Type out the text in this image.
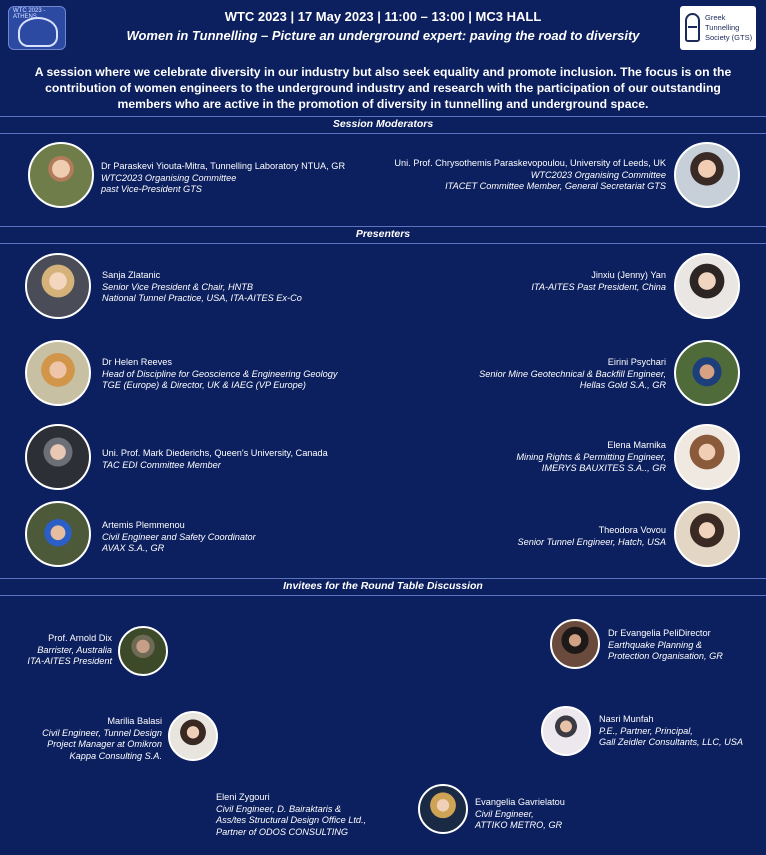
WTC 2023 - ATHENS	WTC 2023 | 17 May 2023 | 11:00 – 13:00 | MC3 HALL
Women in Tunnelling – Picture an underground expert: paving the road to diversity
Greek
Tunnelling
Society (GTS)
A session where we celebrate diversity in our industry but also seek equality and promote inclusion. The focus is on the contribution of women engineers to the underground industry and research with the participation of our outstanding members who are active in the promotion of diversity in tunnelling and underground space.
Session Moderators
Dr Paraskevi Yiouta-Mitra, Tunnelling Laboratory NTUA, GR
WTC2023 Organising Committee
past Vice-President GTS
Uni. Prof. Chrysothemis Paraskevopoulou, University of Leeds, UK
WTC2023 Organising Committee
ITACET Committee Member, General Secretariat GTS
Presenters
Sanja Zlatanic
Senior Vice President & Chair, HNTB
National Tunnel Practice, USA, ITA-AITES Ex-Co
Jinxiu (Jenny) Yan
ITA-AITES Past President, China
Dr Helen Reeves
Head of Discipline for Geoscience & Engineering Geology
TGE (Europe) & Director, UK & IAEG (VP Europe)
Eirini Psychari
Senior Mine Geotechnical & Backfill Engineer,
Hellas Gold S.A., GR
Uni. Prof. Mark Diederichs, Queen's University, Canada
TAC EDI Committee Member
Elena Marnika
Mining Rights & Permitting Engineer,
IMERYS BAUXITES S.A.., GR
Artemis Plemmenou
Civil Engineer and Safety Coordinator
AVAX S.A., GR
Theodora Vovou
Senior Tunnel Engineer, Hatch, USA
Invitees for the Round Table Discussion
Prof. Arnold Dix
Barrister, Australia
ITA-AITES President
Dr Evangelia PeliDirector
Earthquake Planning &
Protection Organisation, GR
Marilia Balasi
Civil Engineer, Tunnel Design
Project Manager at Omikron
Kappa Consulting S.A.
Nasri Munfah
P.E., Partner, Principal,
Gall Zeidler Consultants, LLC, USA
Eleni Zygouri
Civil Engineer, D. Bairaktaris &
Ass/tes Structural Design Office Ltd.,
Partner of ODOS CONSULTING
Evangelia Gavrielatou
Civil Engineer,
ATTIKO METRO, GR
